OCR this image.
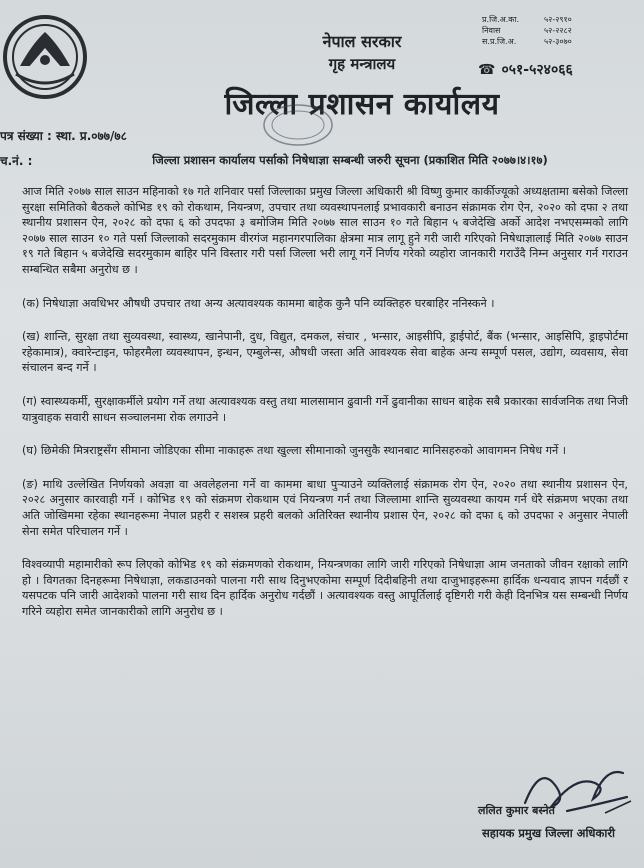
नेपाल सरकार
गृह मन्त्रालय
जिल्ला प्रशासन कार्यालय
प्र.जि.अ.का.	५२-२९१०
निवास	५२-२२८२
स.प्र.जि.अ.	५२-३०७०
☎ ०५१-५२४०६६
पत्र संख्या : स्था. प्र.०७७/७८
च.नं. :	जिल्ला प्रशासन कार्यालय पर्साको निषेधाज्ञा सम्बन्धी जरुरी सूचना (प्रकाशित मिति २०७७।४।१७)

आज मिति २०७७ साल साउन महिनाको १७ गते शनिवार पर्सा जिल्लाका प्रमुख जिल्ला अधिकारी श्री विष्णु कुमार कार्कीज्यूको अध्यक्षतामा बसेको जिल्ला सुरक्षा समितिको बैठकले कोभिड १९ को रोकथाम, नियन्त्रण, उपचार तथा व्यवस्थापनलाई प्रभावकारी बनाउन संक्रामक रोग ऐन, २०२० को दफा २ तथा स्थानीय प्रशासन ऐन, २०२८ को दफा ६ को उपदफा ३ बमोजिम मिति २०७७ साल साउन १० गते बिहान ५ बजेदेखि अर्को आदेश नभएसम्मको लागि २०७७ साल साउन १० गते पर्सा जिल्लाको सदरमुकाम वीरगंज महानगरपालिका क्षेत्रमा मात्र लागू हुने गरी जारी गरिएको निषेधाज्ञालाई मिति २०७७ साउन १९ गते बिहान ५ बजेदेखि सदरमुकाम बाहिर पनि विस्तार गरी पर्सा जिल्ला भरी लागू गर्ने निर्णय गरेको व्यहोरा जानकारी गराउँदै निम्न अनुसार गर्न गराउन सम्बन्धित सबैमा अनुरोध छ ।

(क) निषेधाज्ञा अवधिभर औषधी उपचार तथा अन्य अत्यावश्यक काममा बाहेक कुनै पनि व्यक्तिहरु घरबाहिर ननिस्कने ।

(ख) शान्ति, सुरक्षा तथा सुव्यवस्था, स्वास्थ्य, खानेपानी, दुध, विद्युत, दमकल, संचार , भन्सार, आइसीपि, ड्राईपोर्ट, बैंक (भन्सार, आइसिपि, ड्राइपोर्टमा रहेकामात्र), क्वारेन्टाइन, फोहरमैला व्यवस्थापन, इन्धन, एम्बुलेन्स, औषधी जस्ता अति आवश्यक सेवा बाहेक अन्य सम्पूर्ण पसल, उद्योग, व्यवसाय, सेवा संचालन बन्द गर्ने ।

(ग) स्वास्थ्यकर्मी, सुरक्षाकर्मीले प्रयोग गर्ने तथा अत्यावश्यक वस्तु तथा मालसामान ढुवानी गर्ने ढुवानीका साधन बाहेक सबै प्रकारका सार्वजनिक तथा निजी यात्रुवाहक सवारी साधन सञ्चालनमा रोक लगाउने ।

(घ) छिमेकी मित्रराष्ट्रसँग सीमाना जोडिएका सीमा नाकाहरू तथा खुल्ला सीमानाको जुनसुकै स्थानबाट मानिसहरुको आवागमन निषेध गर्ने ।

(ङ) माथि उल्लेखित निर्णयको अवज्ञा वा अवलेहलना गर्ने वा काममा बाधा पुर्‍याउने व्यक्तिलाई संक्रामक रोग ऐन, २०२० तथा स्थानीय प्रशासन ऐन, २०२८ अनुसार कारवाही गर्ने । कोभिड १९ को संक्रमण रोकथाम एवं नियन्त्रण गर्न तथा जिल्लामा शान्ति सुव्यवस्था कायम गर्न धेरै संक्रमण भएका तथा अति जोखिममा रहेका स्थानहरूमा नेपाल प्रहरी र सशस्त्र प्रहरी बलको अतिरिक्त स्थानीय प्रशास ऐन, २०२८ को दफा ६ को उपदफा २ अनुसार नेपाली सेना समेत परिचालन गर्ने ।

विश्वव्यापी महामारीको रूप लिएको कोभिड १९ को संक्रमणको रोकथाम, नियन्त्रणका लागि जारी गरिएको निषेधाज्ञा आम जनताको जीवन रक्षाको लागि हो । विगतका दिनहरूमा निषेधाज्ञा, लकडाउनको पालना गरी साथ दिनुभएकोमा सम्पूर्ण दिदीबहिनी तथा दाजुभाइहरूमा हार्दिक धन्यवाद ज्ञापन गर्दछौं र यसपटक पनि जारी आदेशको पालना गरी साथ दिन हार्दिक अनुरोध गर्दछौं । अत्यावश्यक वस्तु आपूर्तिलाई दृष्टिगरी गरी केही दिनभित्र यस सम्बन्धी निर्णय गरिने व्यहोरा समेत जानकारीको लागि अनुरोध छ ।

ललित कुमार बस्नेत
सहायक प्रमुख जिल्ला अधिकारी
